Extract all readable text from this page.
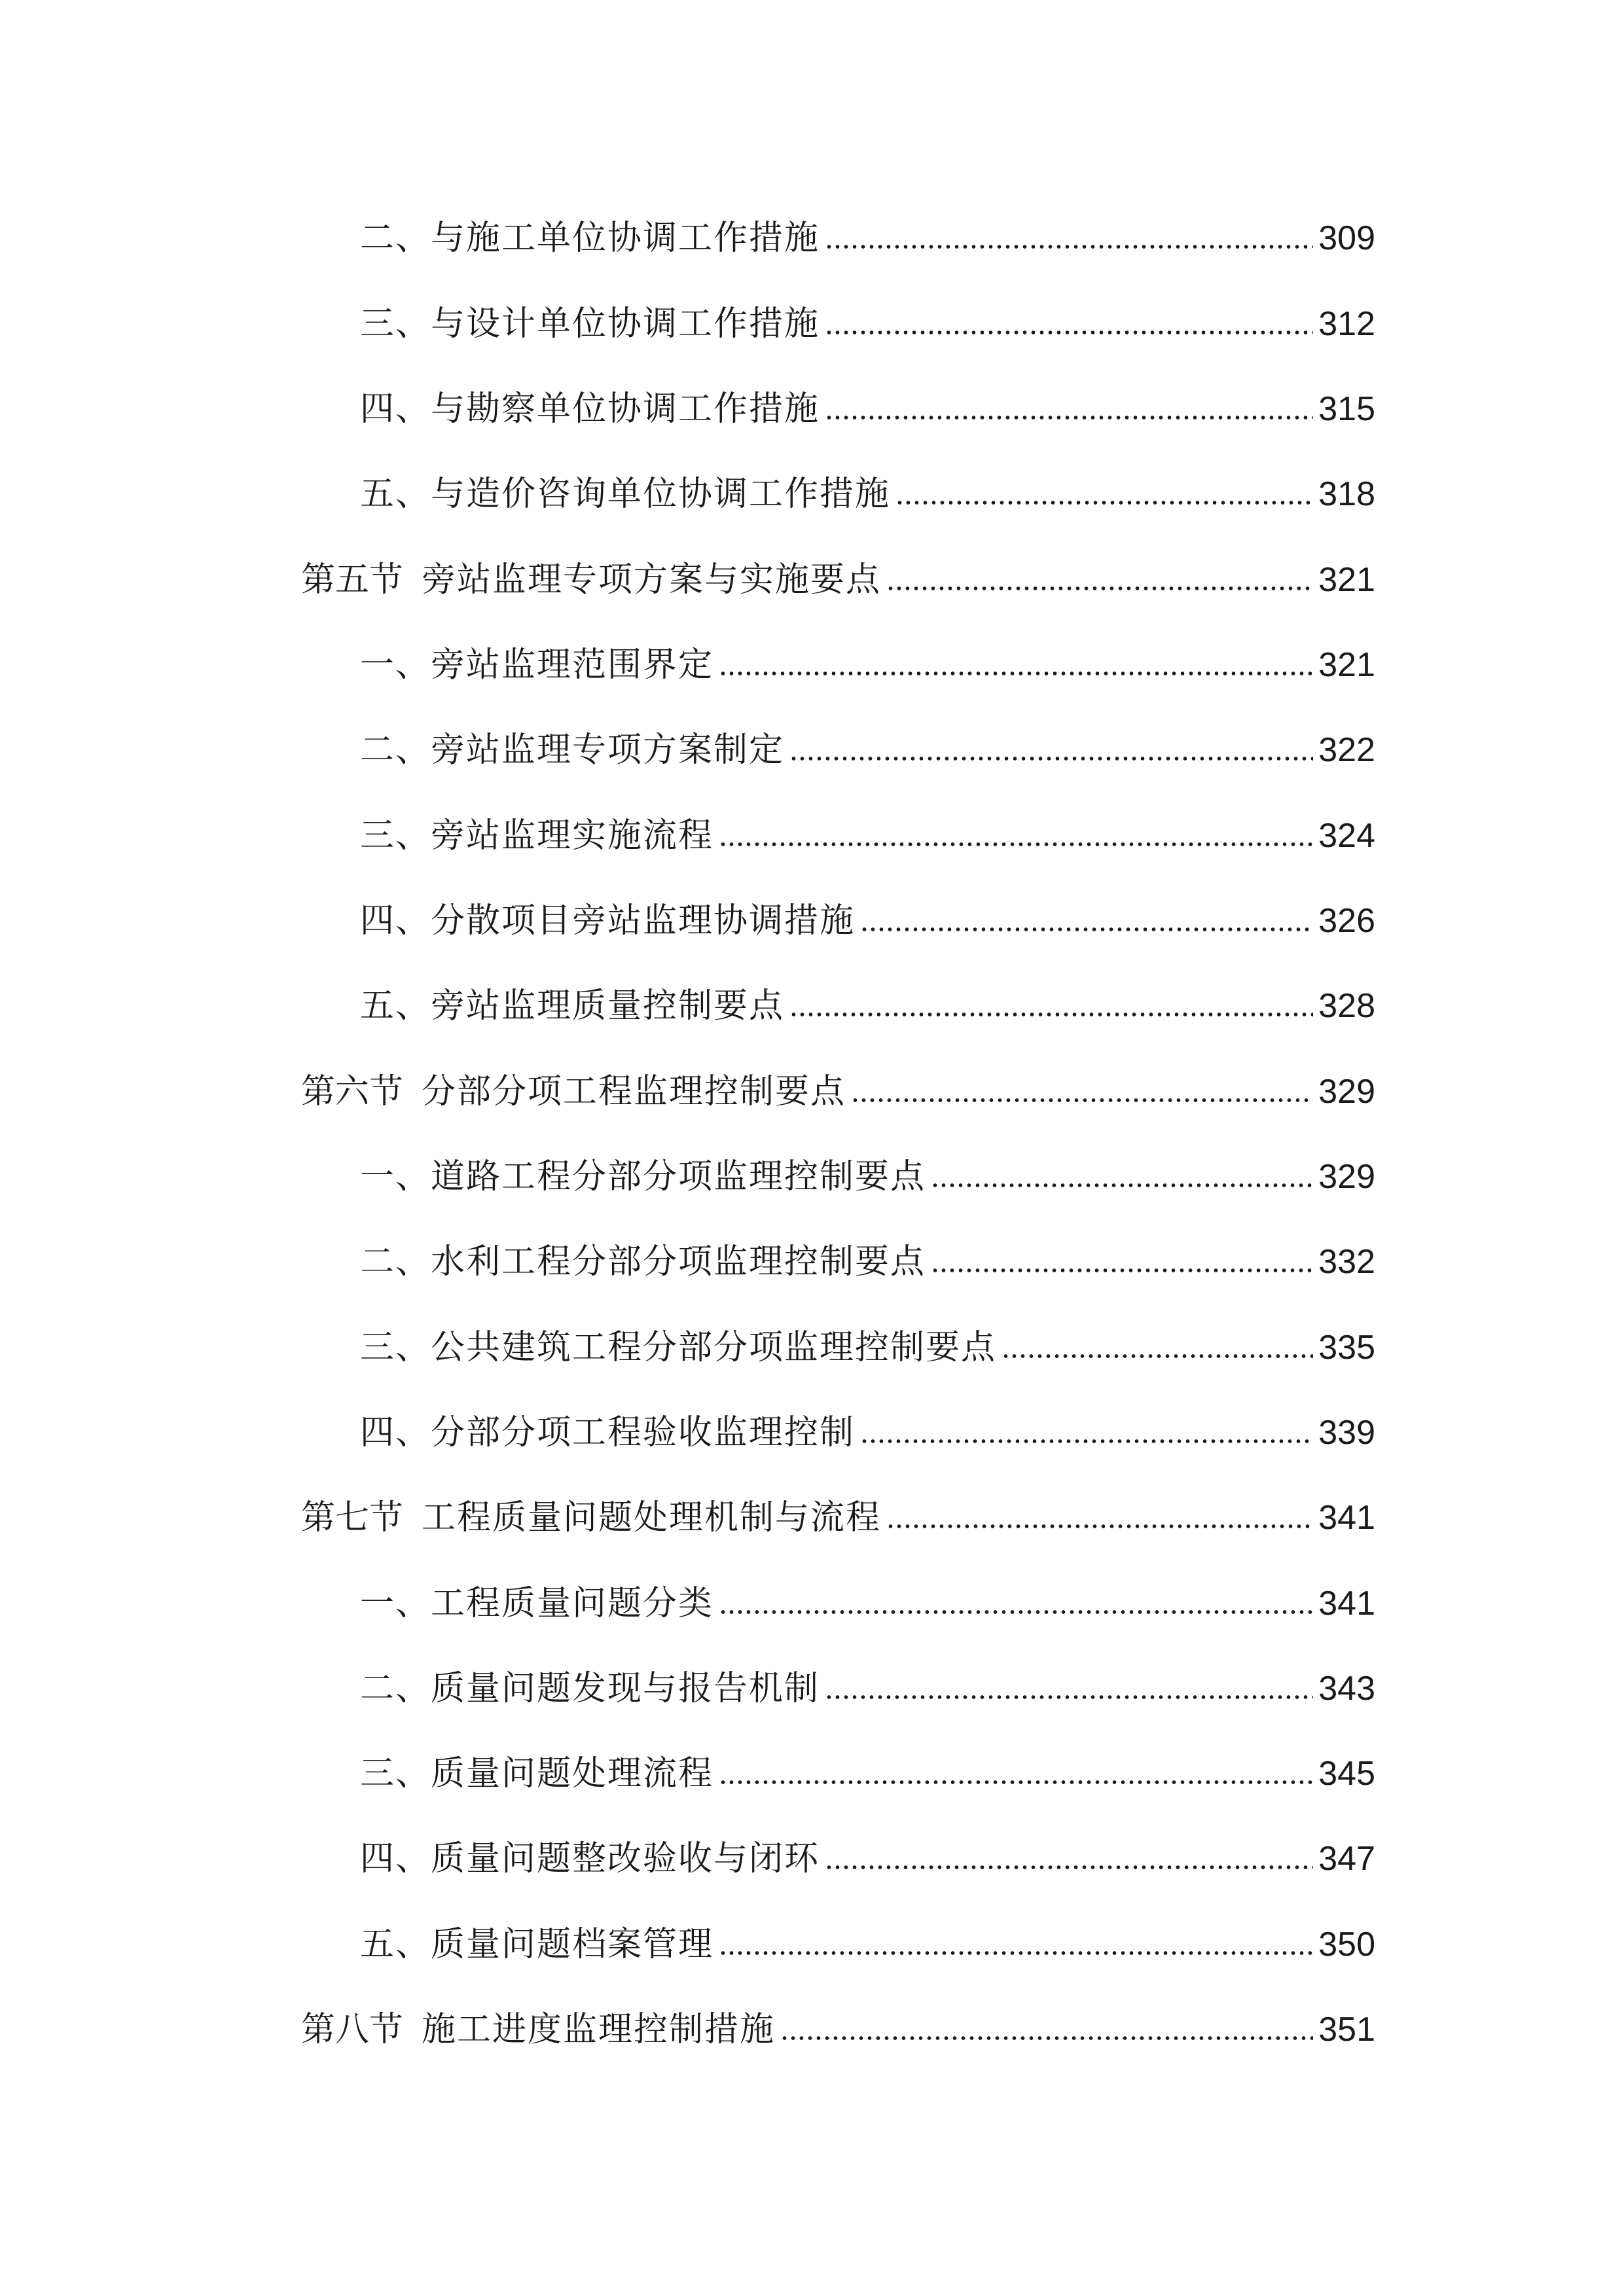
二、与施工单位协调工作措施	309
三、与设计单位协调工作措施	312
四、与勘察单位协调工作措施	315
五、与造价咨询单位协调工作措施	318
第五节 旁站监理专项方案与实施要点	321
一、旁站监理范围界定	321
二、旁站监理专项方案制定	322
三、旁站监理实施流程	324
四、分散项目旁站监理协调措施	326
五、旁站监理质量控制要点	328
第六节 分部分项工程监理控制要点	329
一、道路工程分部分项监理控制要点	329
二、水利工程分部分项监理控制要点	332
三、公共建筑工程分部分项监理控制要点	335
四、分部分项工程验收监理控制	339
第七节 工程质量问题处理机制与流程	341
一、工程质量问题分类	341
二、质量问题发现与报告机制	343
三、质量问题处理流程	345
四、质量问题整改验收与闭环	347
五、质量问题档案管理	350
第八节 施工进度监理控制措施	351
